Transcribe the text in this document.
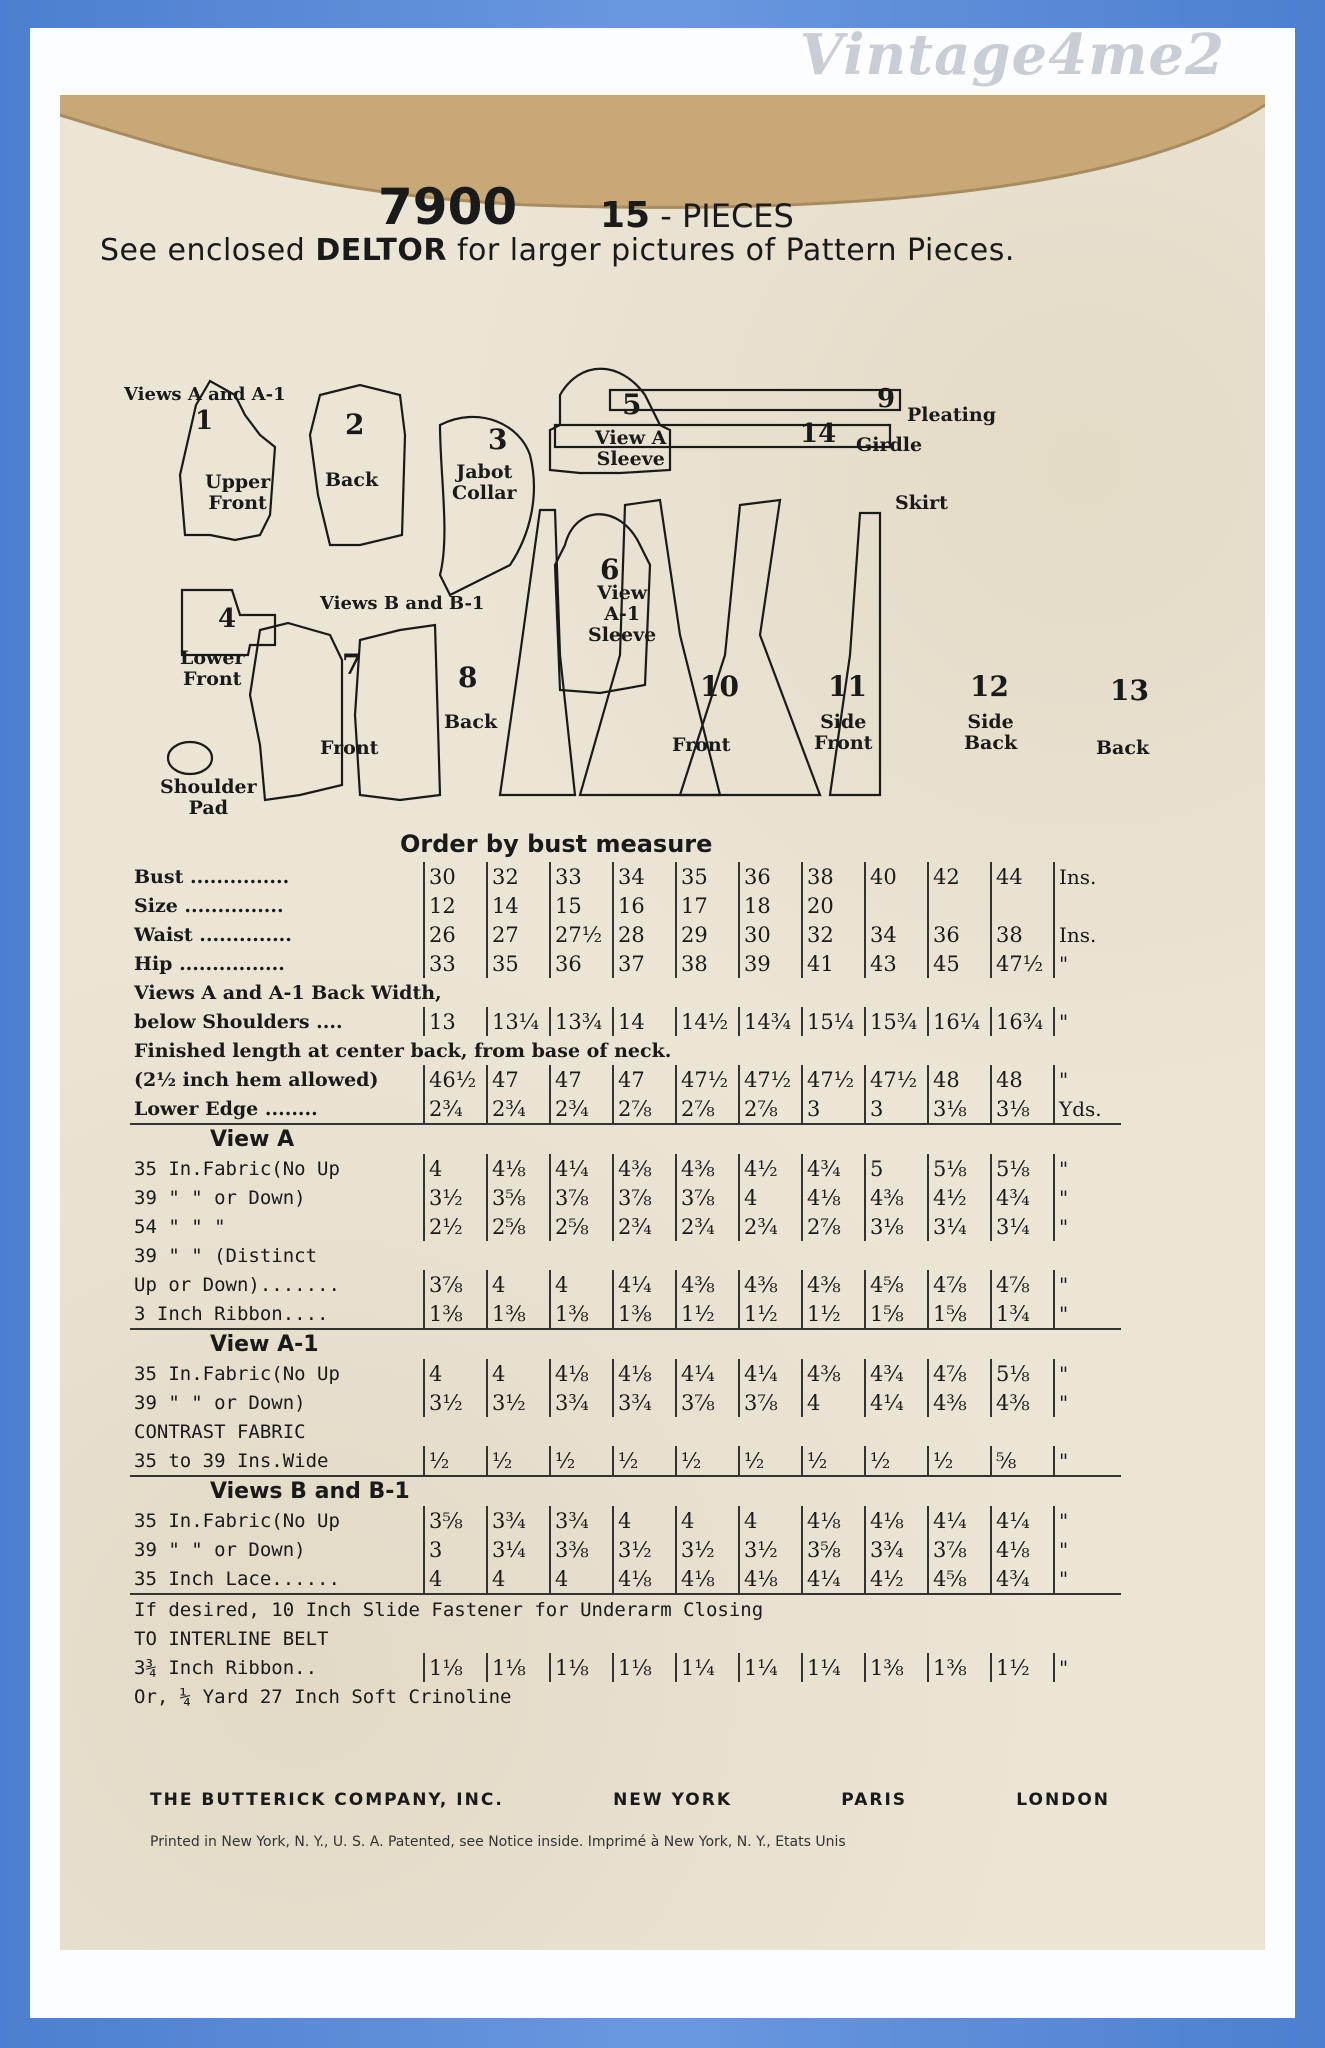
Vintage4me2
7900 15 - PIECES
See enclosed DELTOR for larger pictures of Pattern Pieces.
Views A and A-1
1
Upper
Front
2
Back
3
Jabot
Collar
4
Lower
Front
Shoulder
Pad
Views B and B-1
7
Front
8
Back
5
View A
Sleeve
6
View
A-1
Sleeve
9
Pleating
14 Girdle
Skirt
10
Front
11
Side
Front
12
Side
Back
13
Back
Order by bust measure
Bust ...............	30	32	33	34	35	36	38	40	42	44	Ins.
Size ...............	12	14	15	16	17	18	20				
Waist ..............	26	27	27½	28	29	30	32	34	36	38	Ins.
Hip ................	33	35	36	37	38	39	41	43	45	47½	"
Views A and A-1 Back Width,											
below Shoulders ....	13	13¼	13¾	14	14½	14¾	15¼	15¾	16¼	16¾	"
Finished length at center back, from base of neck.											
(2½ inch hem allowed)	46½	47	47	47	47½	47½	47½	47½	48	48	"
Lower Edge ........	2¾	2¾	2¾	2⅞	2⅞	2⅞	3	3	3⅛	3⅛	Yds.
View A											
35 In.Fabric(No Up	4	4⅛	4¼	4⅜	4⅜	4½	4¾	5	5⅛	5⅛	"
39 " " or Down)	3½	3⅝	3⅞	3⅞	3⅞	4	4⅛	4⅜	4½	4¾	"
54 " " "	2½	2⅝	2⅝	2¾	2¾	2¾	2⅞	3⅛	3¼	3¼	"
39 " " (Distinct											
Up or Down).......	3⅞	4	4	4¼	4⅜	4⅜	4⅜	4⅝	4⅞	4⅞	"
3 Inch Ribbon....	1⅜	1⅜	1⅜	1⅜	1½	1½	1½	1⅝	1⅝	1¾	"
View A-1											
35 In.Fabric(No Up	4	4	4⅛	4⅛	4¼	4¼	4⅜	4¾	4⅞	5⅛	"
39 " " or Down)	3½	3½	3¾	3¾	3⅞	3⅞	4	4¼	4⅜	4⅜	"
CONTRAST FABRIC											
35 to 39 Ins.Wide	½	½	½	½	½	½	½	½	½	⅝	"
Views B and B-1											
35 In.Fabric(No Up	3⅝	3¾	3¾	4	4	4	4⅛	4⅛	4¼	4¼	"
39 " " or Down)	3	3¼	3⅜	3½	3½	3½	3⅝	3¾	3⅞	4⅛	"
35 Inch Lace......	4	4	4	4⅛	4⅛	4⅛	4¼	4½	4⅝	4¾	"
If desired, 10 Inch Slide Fastener for Underarm Closing											
TO INTERLINE BELT											
3¾ Inch Ribbon..	1⅛	1⅛	1⅛	1⅛	1¼	1¼	1¼	1⅜	1⅜	1½	"
Or, ¼ Yard 27 Inch Soft Crinoline											
THE BUTTERICK COMPANY, INC.	NEW YORK	PARIS	LONDON
Printed in New York, N. Y., U. S. A. Patented, see Notice inside. Imprimé à New York, N. Y., Etats Unis
